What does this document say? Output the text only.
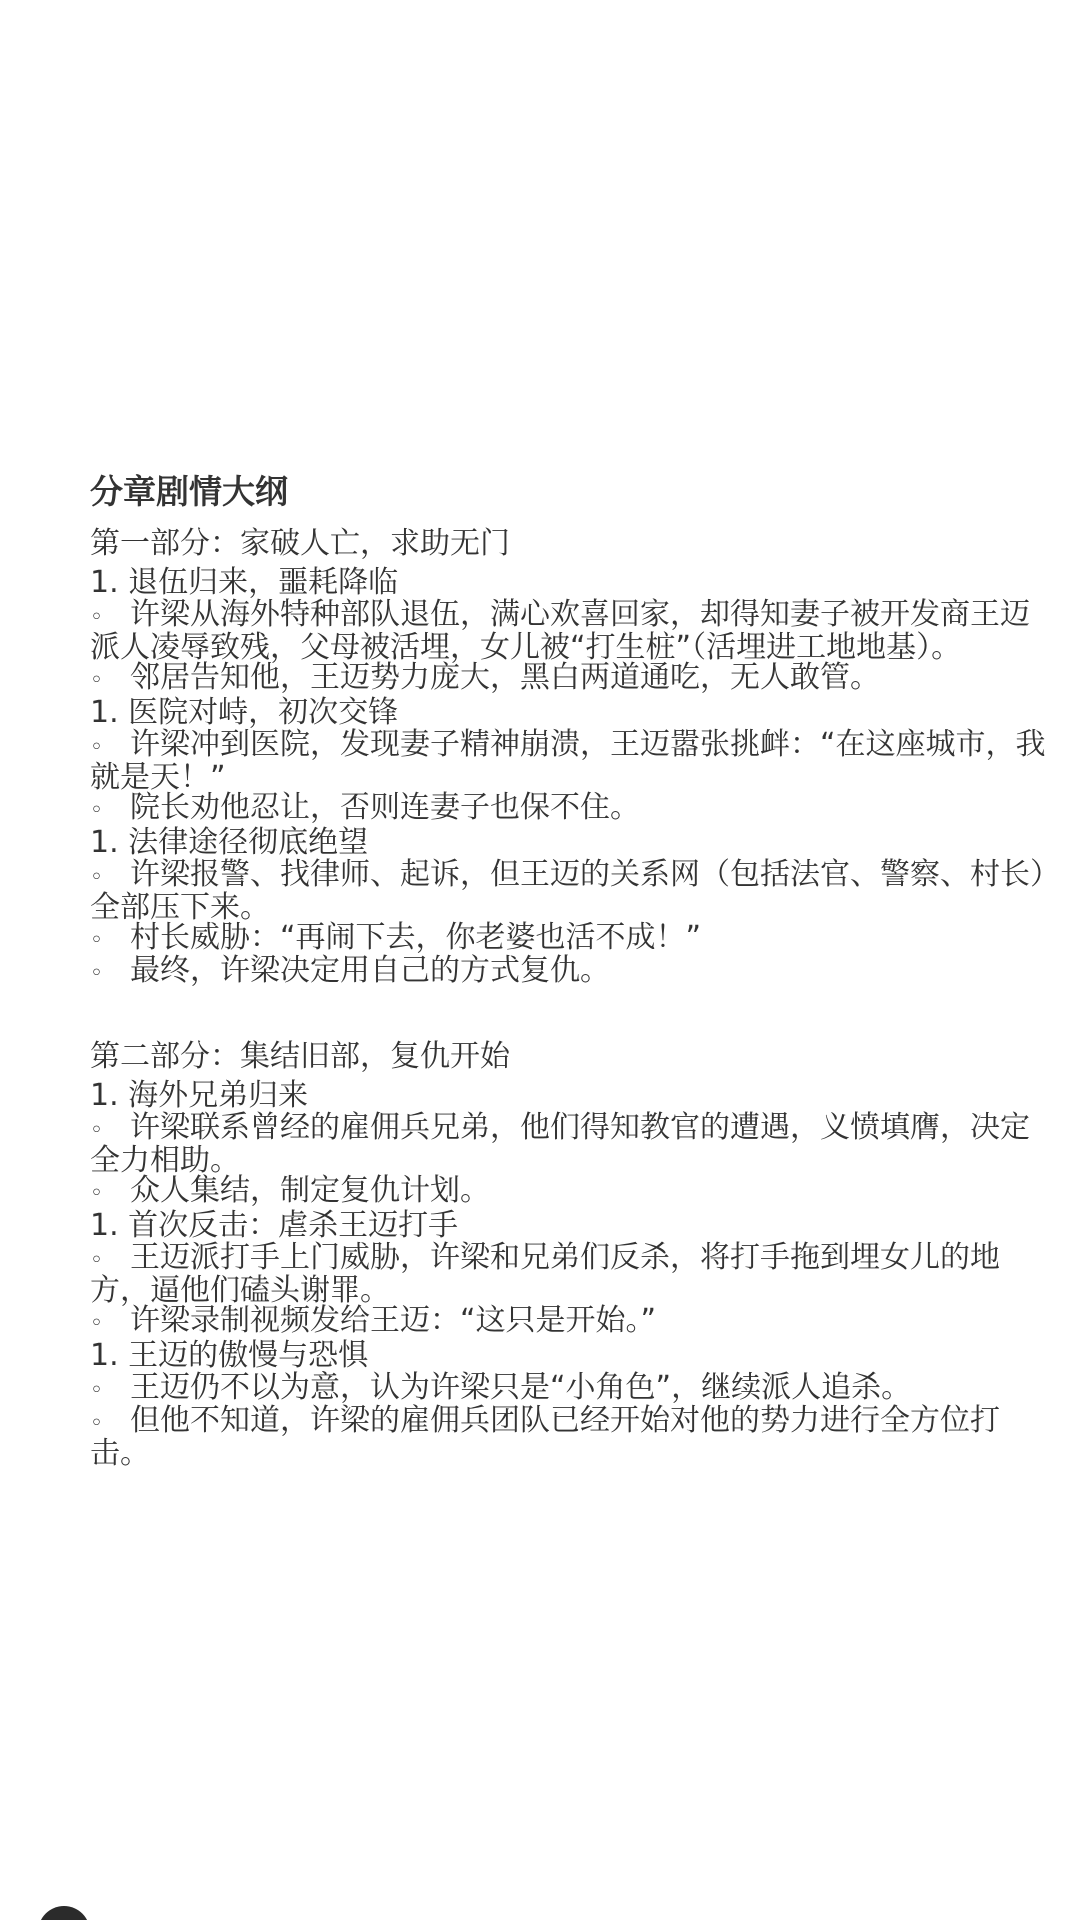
分章剧情大纲
第一部分：家破人亡，求助无门
1. 退伍归来，噩耗降临
◦ 许梁从海外特种部队退伍，满心欢喜回家，却得知妻子被开发商王迈派人凌辱致残，父母被活埋，女儿被“打生桩”（活埋进工地地基）。
◦ 邻居告知他，王迈势力庞大，黑白两道通吃，无人敢管。
1. 医院对峙，初次交锋
◦ 许梁冲到医院，发现妻子精神崩溃，王迈嚣张挑衅：“在这座城市，我就是天！”
◦ 院长劝他忍让，否则连妻子也保不住。
1. 法律途径彻底绝望
◦ 许梁报警、找律师、起诉，但王迈的关系网（包括法官、警察、村长）全部压下来。
◦ 村长威胁：“再闹下去，你老婆也活不成！”
◦ 最终，许梁决定用自己的方式复仇。
第二部分：集结旧部，复仇开始
1. 海外兄弟归来
◦ 许梁联系曾经的雇佣兵兄弟，他们得知教官的遭遇，义愤填膺，决定全力相助。
◦ 众人集结，制定复仇计划。
1. 首次反击：虐杀王迈打手
◦ 王迈派打手上门威胁，许梁和兄弟们反杀，将打手拖到埋女儿的地方，逼他们磕头谢罪。
◦ 许梁录制视频发给王迈：“这只是开始。”
1. 王迈的傲慢与恐惧
◦ 王迈仍不以为意，认为许梁只是“小角色”，继续派人追杀。
◦ 但他不知道，许梁的雇佣兵团队已经开始对他的势力进行全方位打击。
